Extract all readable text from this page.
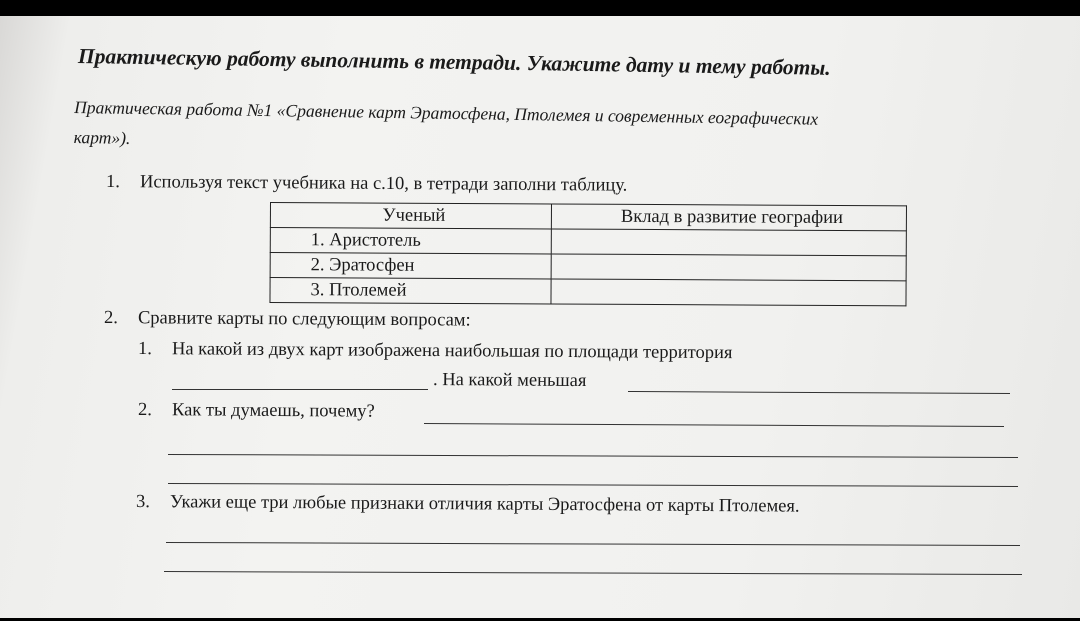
Практическую работу выполнить в тетради. Укажите дату и тему работы.
Практическая работа №1 «Сравнение карт Эратосфена, Птолемея и современных еографических
карт»).
1. Используя текст учебника на с.10, в тетради заполни таблицу.
Ученый	Вклад в развитие географии
1. Аристотель	
2. Эратосфен	
3. Птолемей	
2. Сравните карты по следующим вопросам:
1. На какой из двух карт изображена наибольшая по площади территория
. На какой меньшая
2. Как ты думаешь, почему?
3. Укажи еще три любые признаки отличия карты Эратосфена от карты Птолемея.
